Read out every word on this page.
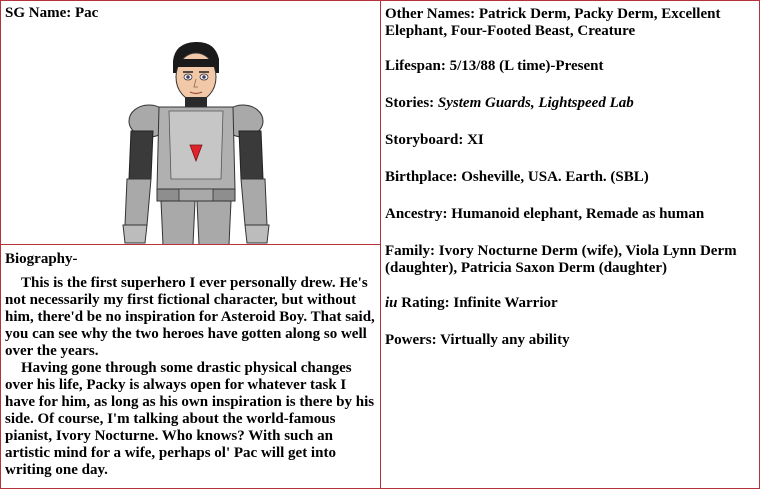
SG Name: Pac
Biography-

This is the first superhero I ever personally drew. He's not necessarily my first fictional character, but without him, there'd be no inspiration for Asteroid Boy. That said, you can see why the two heroes have gotten along so well over the years.

Having gone through some drastic physical changes over his life, Packy is always open for whatever task I have for him, as long as his own inspiration is there by his side. Of course, I'm talking about the world-famous pianist, Ivory Nocturne. Who knows? With such an artistic mind for a wife, perhaps ol' Pac will get into writing one day.

Other Names: Patrick Derm, Packy Derm, Excellent Elephant, Four-Footed Beast, Creature
Lifespan: 5/13/88 (L time)-Present
Stories: System Guards, Lightspeed Lab
Storyboard: XI
Birthplace: Osheville, USA. Earth. (SBL)
Ancestry: Humanoid elephant, Remade as human
Family: Ivory Nocturne Derm (wife), Viola Lynn Derm (daughter), Patricia Saxon Derm (daughter)
iu Rating: Infinite Warrior
Powers: Virtually any ability
